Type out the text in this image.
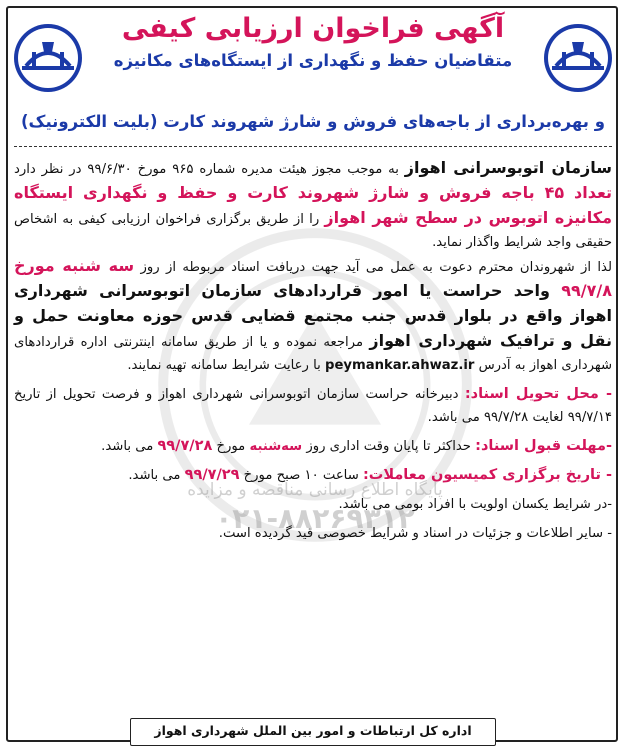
پایگاه اطلاع رسانی مناقصه و مزایده
۰۲۱-۸۸۲۶۹۳۱۲
آگهی فراخوان ارزیابی کیفی
متقاضیان حفظ و نگهداری از ایستگاه‌های مکانیزه
و بهره‌برداری از باجه‌های فروش و شارژ شهروند کارت (بلیت الکترونیک)

سازمان اتوبوسرانی اهواز به موجب مجوز هیئت مدیره شماره ۹۶۵ مورخ ۹۹/۶/۳۰ در نظر دارد تعداد ۴۵ باجه فروش و شارژ شهروند کارت و حفظ و نگهداری ایستگاه مکانیزه اتوبوس در سطح شهر اهواز را از طریق برگزاری فراخوان ارزیابی کیفی به اشخاص حقیقی واجد شرایط واگذار نماید.

لذا از شهروندان محترم دعوت به عمل می آید جهت دریافت اسناد مربوطه از روز سه شنبه مورخ ۹۹/۷/۸ واحد حراست یا امور قراردادهای سازمان اتوبوسرانی شهرداری اهواز واقع در بلوار قدس جنب مجتمع قضایی قدس حوزه معاونت حمل و نقل و ترافیک شهرداری اهواز مراجعه نموده و یا از طریق سامانه اینترنتی اداره قراردادهای شهرداری اهواز به آدرس peymankar.ahwaz.ir با رعایت شرایط سامانه تهیه نمایند.

- محل تحویل اسناد: دبیرخانه حراست سازمان اتوبوسرانی شهرداری اهواز و فرصت تحویل از تاریخ ۹۹/۷/۱۴ لغایت ۹۹/۷/۲۸ می باشد.

-مهلت قبول اسناد: حداکثر تا پایان وقت اداری روز سه‌شنبه مورخ ۹۹/۷/۲۸ می باشد.

- تاریخ برگزاری کمیسیون معاملات: ساعت ۱۰ صبح مورخ ۹۹/۷/۲۹ می باشد.

-در شرایط یکسان اولویت با افراد بومی می باشد.

- سایر اطلاعات و جزئیات در اسناد و شرایط خصوصی قید گردیده است.

اداره کل ارتباطات و امور بین الملل شهرداری اهواز
